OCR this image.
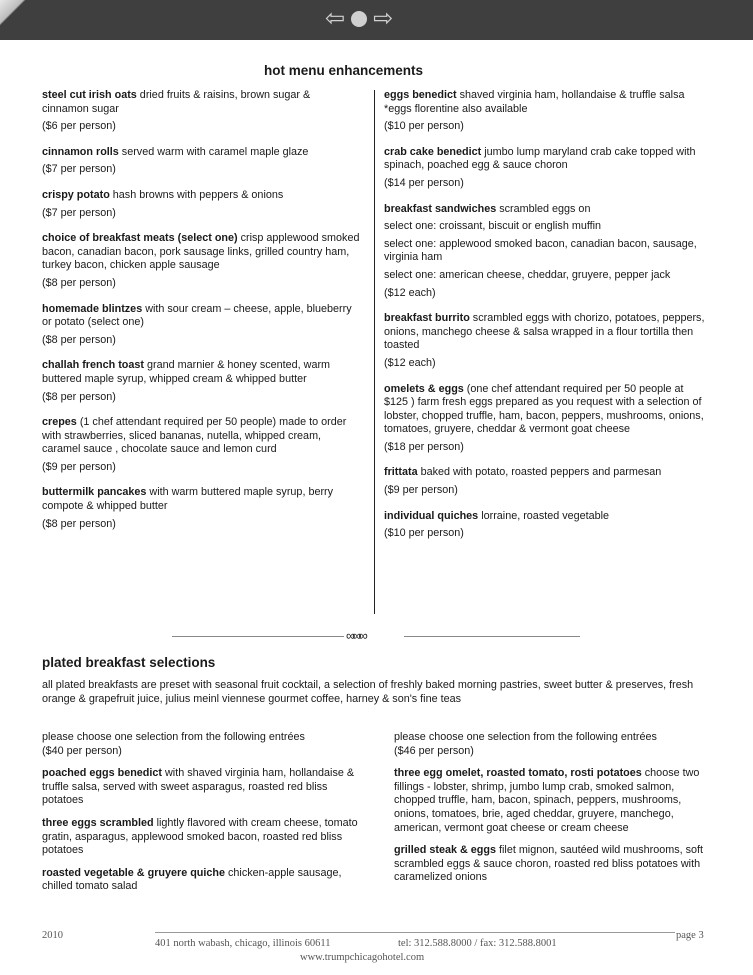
⇦ ⇨
hot menu enhancements

steel cut irish oats dried fruits & raisins, brown sugar & cinnamon sugar

($6 per person)

cinnamon rolls served warm with caramel maple glaze

($7 per person)

crispy potato hash browns with peppers & onions

($7 per person)

choice of breakfast meats (select one) crisp applewood smoked bacon, canadian bacon, pork sausage links, grilled country ham, turkey bacon, chicken apple sausage

($8 per person)

homemade blintzes with sour cream – cheese, apple, blueberry or potato (select one)

($8 per person)

challah french toast grand marnier & honey scented, warm buttered maple syrup, whipped cream & whipped butter

($8 per person)

crepes (1 chef attendant required per 50 people) made to order with strawberries, sliced bananas, nutella, whipped cream, caramel sauce , chocolate sauce and lemon curd

($9 per person)

buttermilk pancakes with warm buttered maple syrup, berry compote & whipped butter

($8 per person)

eggs benedict shaved virginia ham, hollandaise & truffle salsa *eggs florentine also available

($10 per person)

crab cake benedict jumbo lump maryland crab cake topped with spinach, poached egg & sauce choron

($14 per person)

breakfast sandwiches scrambled eggs on

select one: croissant, biscuit or english muffin

select one: applewood smoked bacon, canadian bacon, sausage, virginia ham

select one: american cheese, cheddar, gruyere, pepper jack

($12 each)

breakfast burrito scrambled eggs with chorizo, potatoes, peppers, onions, manchego cheese & salsa wrapped in a flour tortilla then toasted

($12 each)

omelets & eggs (one chef attendant required per 50 people at $125 ) farm fresh eggs prepared as you request with a selection of lobster, chopped truffle, ham, bacon, peppers, mushrooms, onions, tomatoes, gruyere, cheddar & vermont goat cheese

($18 per person)

frittata baked with potato, roasted peppers and parmesan

($9 per person)

individual quiches lorraine, roasted vegetable

($10 per person)

∞∞∞
plated breakfast selections
all plated breakfasts are preset with seasonal fruit cocktail, a selection of freshly baked morning pastries, sweet butter & preserves, fresh orange & grapefruit juice, julius meinl viennese gourmet coffee, harney & son's fine teas

please choose one selection from the following entrées

($40 per person)

poached eggs benedict with shaved virginia ham, hollandaise & truffle salsa, served with sweet asparagus, roasted red bliss potatoes

three eggs scrambled lightly flavored with cream cheese, tomato gratin, asparagus, applewood smoked bacon, roasted red bliss potatoes

roasted vegetable & gruyere quiche chicken-apple sausage, chilled tomato salad

please choose one selection from the following entrées

($46 per person)

three egg omelet, roasted tomato, rosti potatoes choose two fillings - lobster, shrimp, jumbo lump crab, smoked salmon, chopped truffle, ham, bacon, spinach, peppers, mushrooms, onions, tomatoes, brie, aged cheddar, gruyere, manchego, american, vermont goat cheese or cream cheese

grilled steak & eggs filet mignon, sautéed wild mushrooms, soft scrambled eggs & sauce choron, roasted red bliss potatoes with caramelized onions

2010
401 north wabash, chicago, illinois 60611	tel: 312.588.8000 / fax: 312.588.8001
www.trumpchicagohotel.com
page 3
